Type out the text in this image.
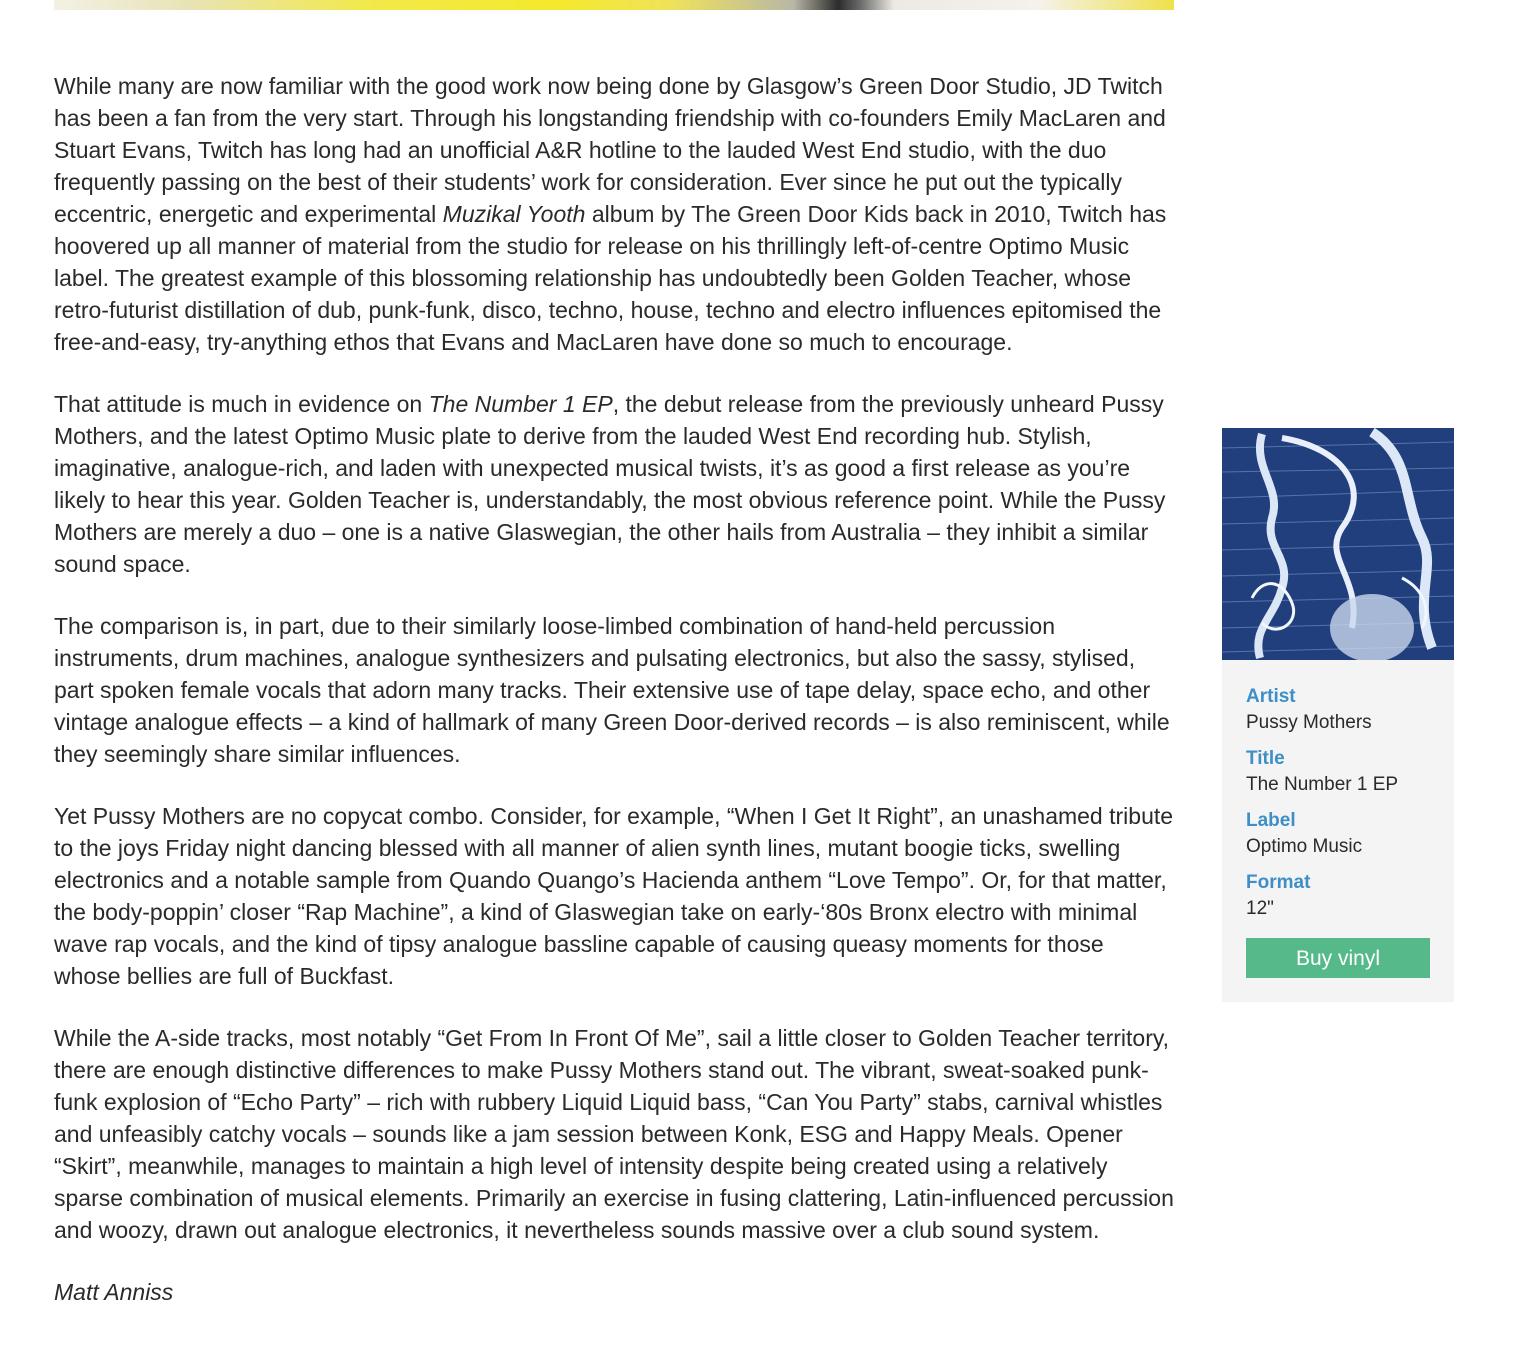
While many are now familiar with the good work now being done by Glasgow’s Green Door Studio, JD Twitch has been a fan from the very start. Through his longstanding friendship with co-founders Emily MacLaren and Stuart Evans, Twitch has long had an unofficial A&R hotline to the lauded West End studio, with the duo frequently passing on the best of their students’ work for consideration. Ever since he put out the typically eccentric, energetic and experimental Muzikal Yooth album by The Green Door Kids back in 2010, Twitch has hoovered up all manner of material from the studio for release on his thrillingly left-of-centre Optimo Music label. The greatest example of this blossoming relationship has undoubtedly been Golden Teacher, whose retro-futurist distillation of dub, punk-funk, disco, techno, house, techno and electro influences epitomised the free-and-easy, try-anything ethos that Evans and MacLaren have done so much to encourage.

That attitude is much in evidence on The Number 1 EP, the debut release from the previously unheard Pussy Mothers, and the latest Optimo Music plate to derive from the lauded West End recording hub. Stylish, imaginative, analogue-rich, and laden with unexpected musical twists, it’s as good a first release as you’re likely to hear this year. Golden Teacher is, understandably, the most obvious reference point. While the Pussy Mothers are merely a duo – one is a native Glaswegian, the other hails from Australia – they inhibit a similar sound space.

The comparison is, in part, due to their similarly loose-limbed combination of hand-held percussion instruments, drum machines, analogue synthesizers and pulsating electronics, but also the sassy, stylised, part spoken female vocals that adorn many tracks. Their extensive use of tape delay, space echo, and other vintage analogue effects – a kind of hallmark of many Green Door-derived records – is also reminiscent, while they seemingly share similar influences.

Yet Pussy Mothers are no copycat combo. Consider, for example, “When I Get It Right”, an unashamed tribute to the joys Friday night dancing blessed with all manner of alien synth lines, mutant boogie ticks, swelling electronics and a notable sample from Quando Quango’s Hacienda anthem “Love Tempo”. Or, for that matter, the body-poppin’ closer “Rap Machine”, a kind of Glaswegian take on early-‘80s Bronx electro with minimal wave rap vocals, and the kind of tipsy analogue bassline capable of causing queasy moments for those whose bellies are full of Buckfast.

While the A-side tracks, most notably “Get From In Front Of Me”, sail a little closer to Golden Teacher territory, there are enough distinctive differences to make Pussy Mothers stand out. The vibrant, sweat-soaked punk-funk explosion of “Echo Party” – rich with rubbery Liquid Liquid bass, “Can You Party” stabs, carnival whistles and unfeasibly catchy vocals – sounds like a jam session between Konk, ESG and Happy Meals. Opener “Skirt”, meanwhile, manages to maintain a high level of intensity despite being created using a relatively sparse combination of musical elements. Primarily an exercise in fusing clattering, Latin-influenced percussion and woozy, drawn out analogue electronics, it nevertheless sounds massive over a club sound system.

Matt Anniss
Artist
Pussy Mothers
Title
The Number 1 EP
Label
Optimo Music
Format
12"
Buy vinyl
